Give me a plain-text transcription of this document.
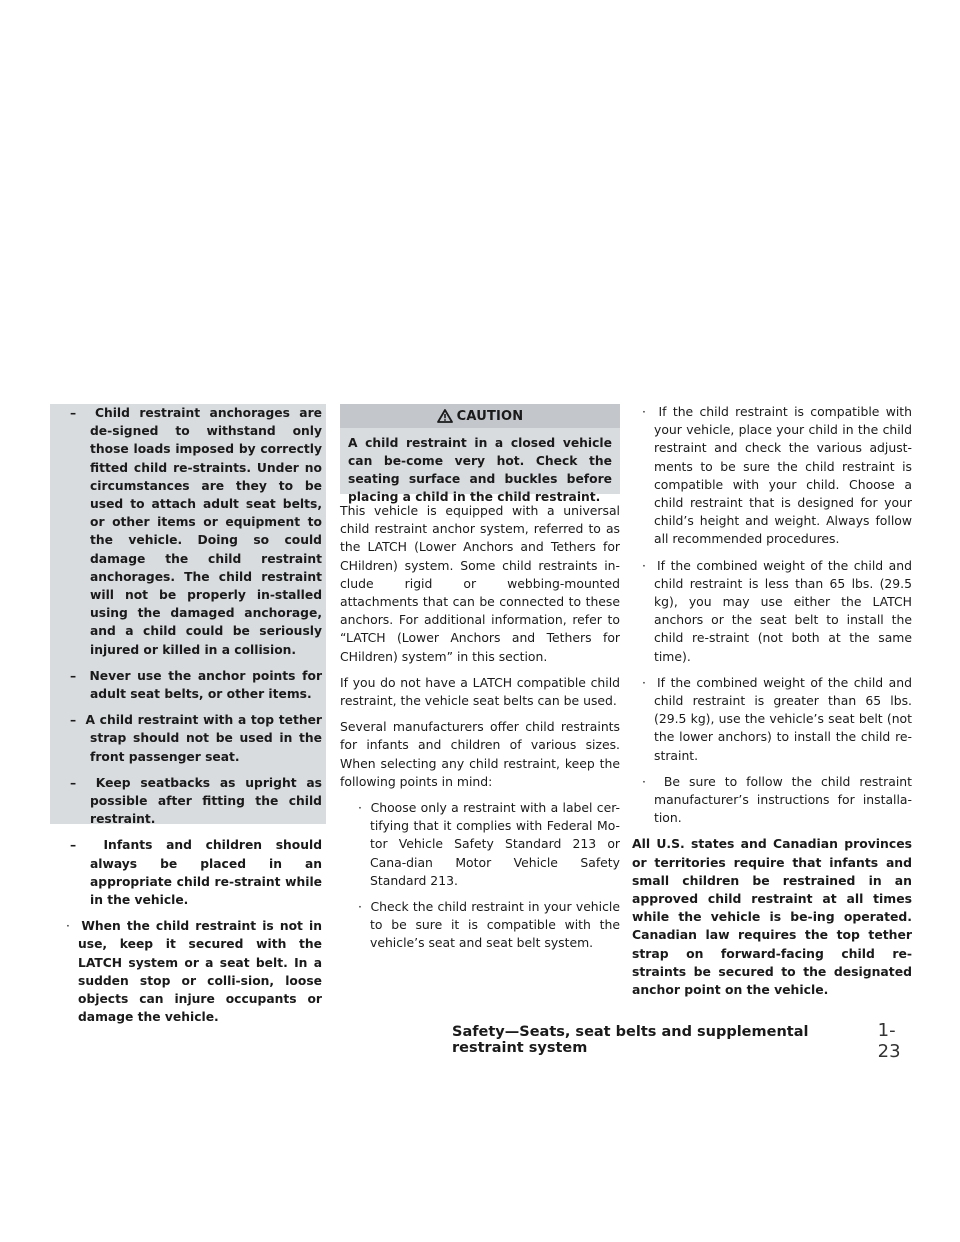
–  Child restraint anchorages are de-signed to withstand only those loads imposed by correctly fitted child re-straints. Under no circumstances are they to be used to attach adult seat belts, or other items or equipment to the vehicle. Doing so could damage the child restraint anchorages. The child restraint will not be properly in-stalled using the damaged anchorage, and a child could be seriously injured or killed in a collision.
–  Never use the anchor points for adult seat belts, or other items.
–  A child restraint with a top tether strap should not be used in the front passenger seat.
–  Keep seatbacks as upright as possible after fitting the child restraint.
–  Infants and children should always be placed in an appropriate child re-straint while in the vehicle.
·  When the child restraint is not in use, keep it secured with the LATCH system or a seat belt. In a sudden stop or colli-sion, loose objects can injure occupants or damage the vehicle.
CAUTION
A child restraint in a closed vehicle can be-come very hot. Check the seating surface and buckles before placing a child in the child restraint.

This vehicle is equipped with a universal child restraint anchor system, referred to as the LATCH (Lower Anchors and Tethers for CHildren) system. Some child restraints in-clude rigid or webbing-mounted attachments that can be connected to these anchors. For additional information, refer to “LATCH (Lower Anchors and Tethers for CHildren) system” in this section.

If you do not have a LATCH compatible child restraint, the vehicle seat belts can be used.

Several manufacturers offer child restraints for infants and children of various sizes. When selecting any child restraint, keep the following points in mind:

·  Choose only a restraint with a label cer-tifying that it complies with Federal Mo-tor Vehicle Safety Standard 213 or Cana-dian Motor Vehicle Safety Standard 213.
·  Check the child restraint in your vehicle to be sure it is compatible with the vehicle’s seat and seat belt system.
·  If the child restraint is compatible with your vehicle, place your child in the child restraint and check the various adjust-ments to be sure the child restraint is compatible with your child. Choose a child restraint that is designed for your child’s height and weight. Always follow all recommended procedures.
·  If the combined weight of the child and child restraint is less than 65 lbs. (29.5 kg), you may use either the LATCH anchors or the seat belt to install the child re-straint (not both at the same time).
·  If the combined weight of the child and child restraint is greater than 65 lbs. (29.5 kg), use the vehicle’s seat belt (not the lower anchors) to install the child re-straint.
·  Be sure to follow the child restraint manufacturer’s instructions for installa-tion.

All U.S. states and Canadian provinces or territories require that infants and small children be restrained in an approved child restraint at all times while the vehicle is be-ing operated. Canadian law requires the top tether strap on forward-facing child re-straints be secured to the designated anchor point on the vehicle.

Safety—Seats, seat belts and supplemental restraint system
1-23
